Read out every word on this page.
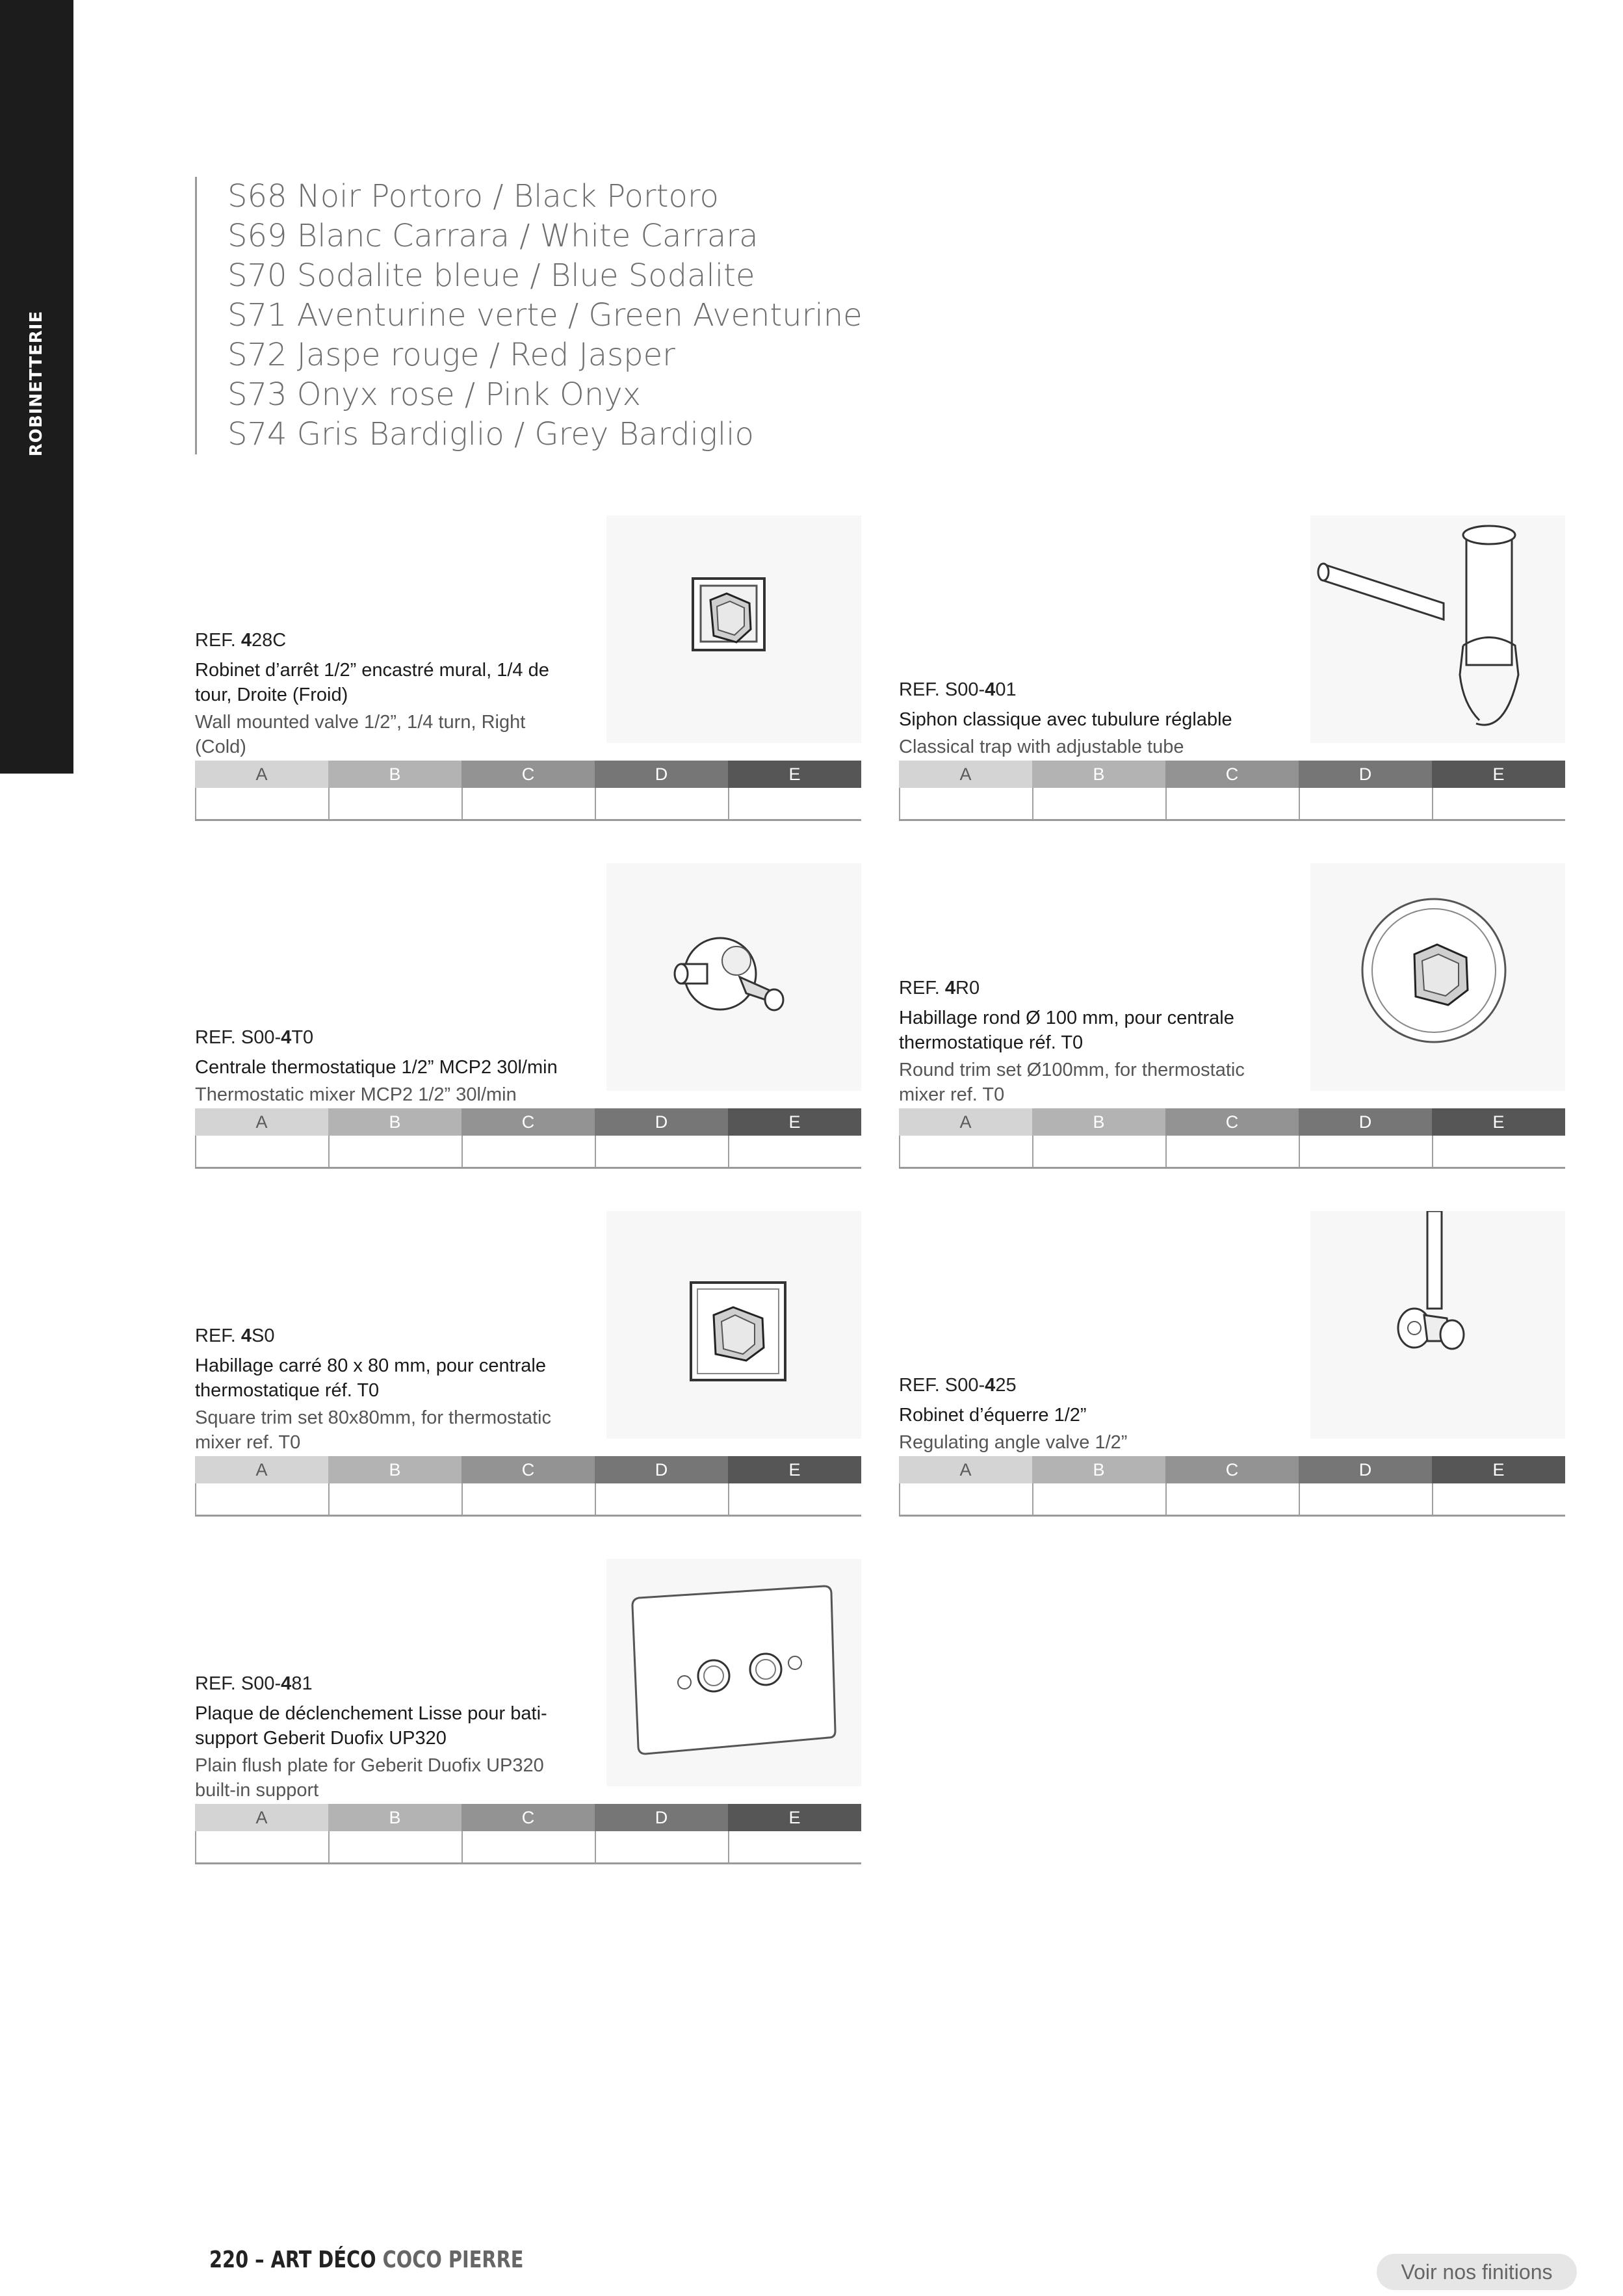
ROBINETTERIE
S68 Noir Portoro / Black Portoro
S69 Blanc Carrara / White Carrara
S70 Sodalite bleue / Blue Sodalite
S71 Aventurine verte / Green Aventurine
S72 Jaspe rouge / Red Jasper
S73 Onyx rose / Pink Onyx
S74 Gris Bardiglio / Grey Bardiglio
REF. 428C
Robinet d’arrêt 1/2” encastré mural, 1/4 de tour, Droite (Froid)
Wall mounted valve 1/2”, 1/4 turn, Right (Cold)
A	B	C	D	E
REF. S00-401
Siphon classique avec tubulure réglable
Classical trap with adjustable tube
A	B	C	D	E
REF. S00-4T0
Centrale thermostatique 1/2” MCP2 30l/min
Thermostatic mixer MCP2 1/2” 30l/min
A	B	C	D	E
REF. 4R0
Habillage rond Ø 100 mm, pour centrale thermostatique réf. T0
Round trim set Ø100mm, for thermostatic mixer ref. T0
A	B	C	D	E
REF. 4S0
Habillage carré 80 x 80 mm, pour centrale thermostatique réf. T0
Square trim set 80x80mm, for thermostatic mixer ref. T0
A	B	C	D	E
REF. S00-425
Robinet d’équerre 1/2”
Regulating angle valve 1/2”
A	B	C	D	E
REF. S00-481
Plaque de déclenchement Lisse pour bati-support Geberit Duofix UP320
Plain flush plate for Geberit Duofix UP320 built-in support
A	B	C	D	E
220 – ART DÉCO COCO PIERRE	Voir nos finitions
